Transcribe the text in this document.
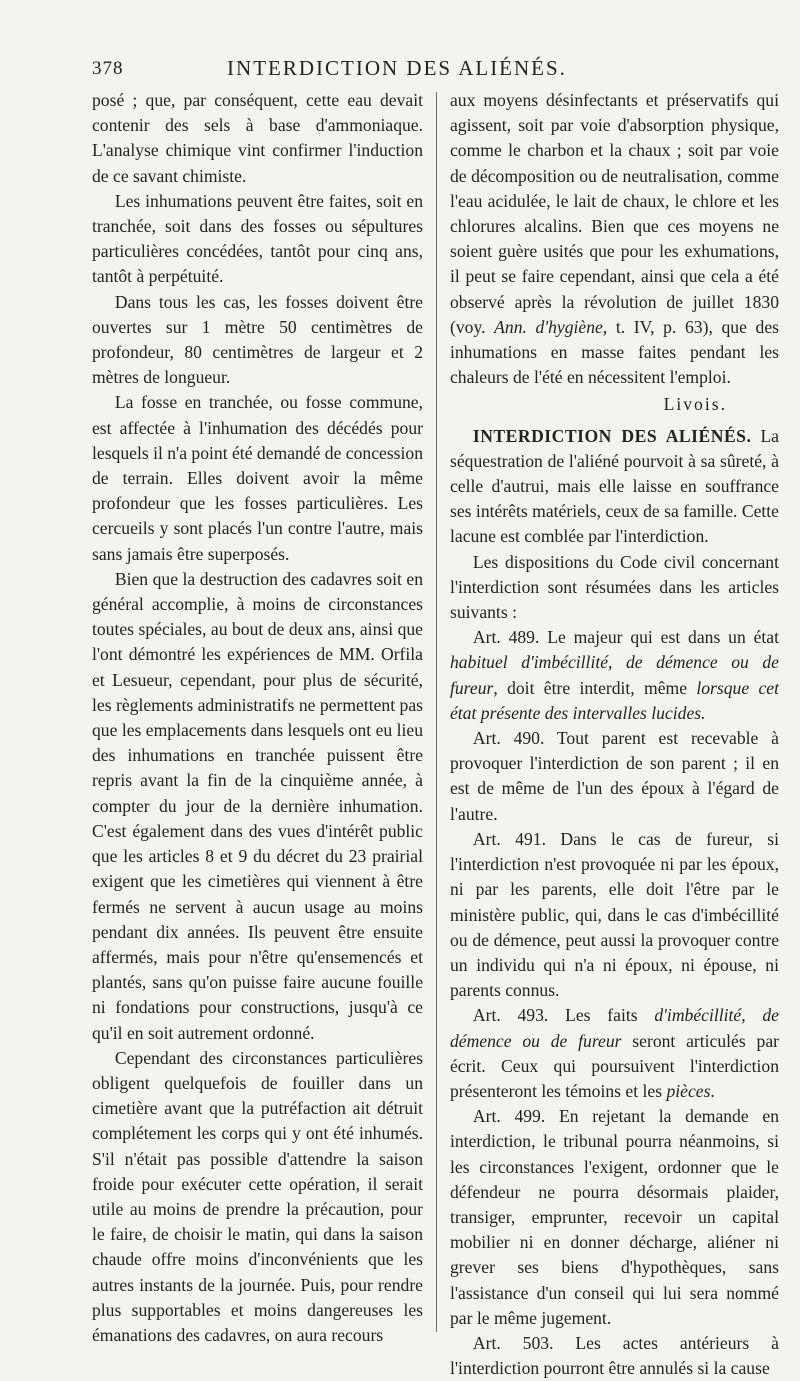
378	INTERDICTION DES ALIÉNÉS.

posé ; que, par conséquent, cette eau devait contenir des sels à base d'ammoniaque. L'analyse chimique vint confirmer l'induction de ce savant chimiste.

Les inhumations peuvent être faites, soit en tranchée, soit dans des fosses ou sépultures particulières concédées, tantôt pour cinq ans, tantôt à perpétuité.

Dans tous les cas, les fosses doivent être ouvertes sur 1 mètre 50 centimètres de profondeur, 80 centimètres de largeur et 2 mètres de longueur.

La fosse en tranchée, ou fosse commune, est affectée à l'inhumation des décédés pour lesquels il n'a point été demandé de concession de terrain. Elles doivent avoir la même profondeur que les fosses particulières. Les cercueils y sont placés l'un contre l'autre, mais sans jamais être superposés.

Bien que la destruction des cadavres soit en général accomplie, à moins de circonstances toutes spéciales, au bout de deux ans, ainsi que l'ont démontré les expériences de MM. Orfila et Lesueur, cependant, pour plus de sécurité, les règlements administratifs ne permettent pas que les emplacements dans lesquels ont eu lieu des inhumations en tranchée puissent être repris avant la fin de la cinquième année, à compter du jour de la dernière inhumation. C'est également dans des vues d'intérêt public que les articles 8 et 9 du décret du 23 prairial exigent que les cimetières qui viennent à être fermés ne servent à aucun usage au moins pendant dix années. Ils peuvent être ensuite affermés, mais pour n'être qu'ensemencés et plantés, sans qu'on puisse faire aucune fouille ni fondations pour constructions, jusqu'à ce qu'il en soit autrement ordonné.

Cependant des circonstances particulières obligent quelquefois de fouiller dans un cimetière avant que la putréfaction ait détruit complétement les corps qui y ont été inhumés. S'il n'était pas possible d'attendre la saison froide pour exécuter cette opération, il serait utile au moins de prendre la précaution, pour le faire, de choisir le matin, qui dans la saison chaude offre moins d'inconvénients que les autres instants de la journée. Puis, pour rendre plus supportables et moins dangereuses les émanations des cadavres, on aura recours

aux moyens désinfectants et préservatifs qui agissent, soit par voie d'absorption physique, comme le charbon et la chaux ; soit par voie de décomposition ou de neutralisation, comme l'eau acidulée, le lait de chaux, le chlore et les chlorures alcalins. Bien que ces moyens ne soient guère usités que pour les exhumations, il peut se faire cependant, ainsi que cela a été observé après la révolution de juillet 1830 (voy. Ann. d'hygiène, t. IV, p. 63), que des inhumations en masse faites pendant les chaleurs de l'été en nécessitent l'emploi.

Livois.

INTERDICTION DES ALIÉNÉS. La séquestration de l'aliéné pourvoit à sa sûreté, à celle d'autrui, mais elle laisse en souffrance ses intérêts matériels, ceux de sa famille. Cette lacune est comblée par l'interdiction.

Les dispositions du Code civil concernant l'interdiction sont résumées dans les articles suivants :

Art. 489. Le majeur qui est dans un état habituel d'imbécillité, de démence ou de fureur, doit être interdit, même lorsque cet état présente des intervalles lucides.

Art. 490. Tout parent est recevable à provoquer l'interdiction de son parent ; il en est de même de l'un des époux à l'égard de l'autre.

Art. 491. Dans le cas de fureur, si l'interdiction n'est provoquée ni par les époux, ni par les parents, elle doit l'être par le ministère public, qui, dans le cas d'imbécillité ou de démence, peut aussi la provoquer contre un individu qui n'a ni époux, ni épouse, ni parents connus.

Art. 493. Les faits d'imbécillité, de démence ou de fureur seront articulés par écrit. Ceux qui poursuivent l'interdiction présenteront les témoins et les pièces.

Art. 499. En rejetant la demande en interdiction, le tribunal pourra néanmoins, si les circonstances l'exigent, ordonner que le défendeur ne pourra désormais plaider, transiger, emprunter, recevoir un capital mobilier ni en donner décharge, aliéner ni grever ses biens d'hypothèques, sans l'assistance d'un conseil qui lui sera nommé par le même jugement.

Art. 503. Les actes antérieurs à l'interdiction pourront être annulés si la cause
